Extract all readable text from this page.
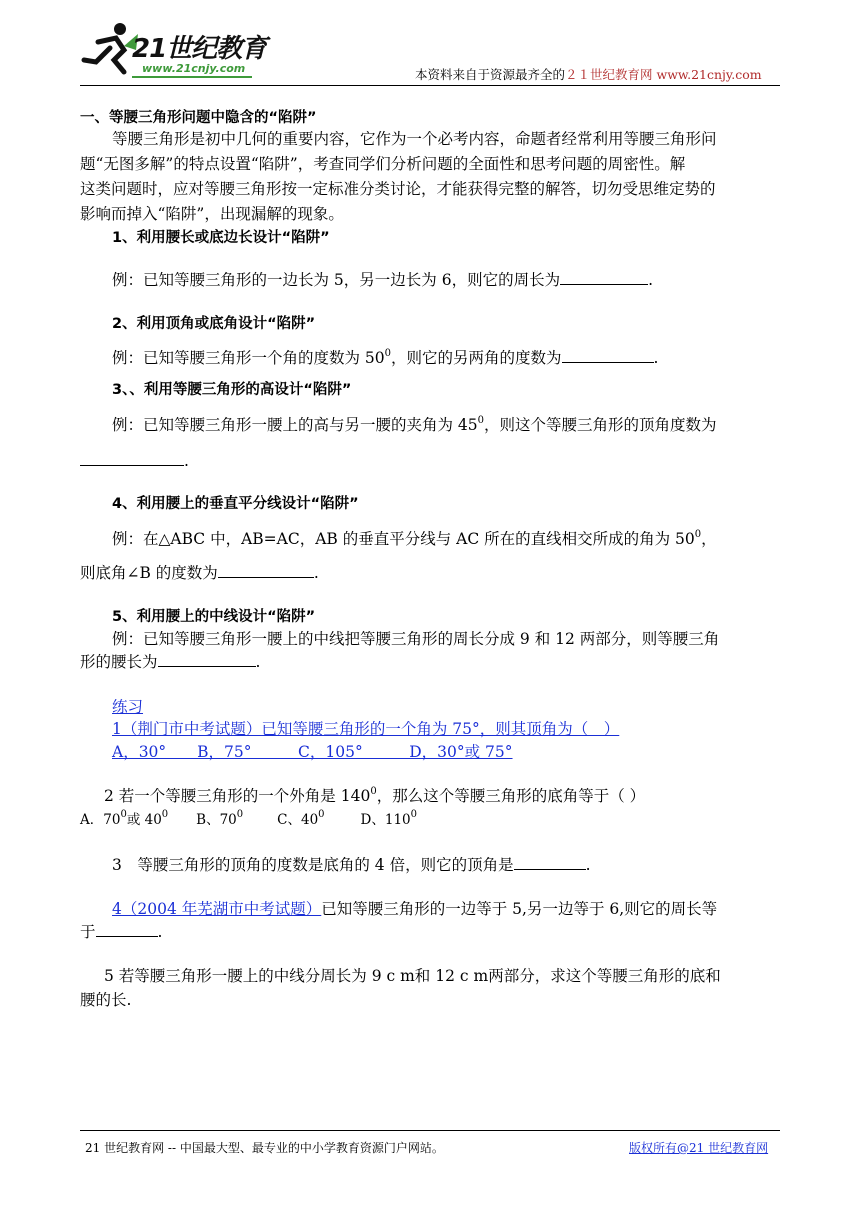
21世纪教育
www.21cnjy.com	本资料来自于资源最齐全的２１世纪教育网 www.21cnjy.com
一、等腰三角形问题中隐含的“陷阱”
等腰三角形是初中几何的重要内容，它作为一个必考内容，命题者经常利用等腰三角形问
题“无图多解”的特点设置“陷阱”，考查同学们分析问题的全面性和思考问题的周密性。解
这类问题时，应对等腰三角形按一定标准分类讨论，才能获得完整的解答，切勿受思维定势的
影响而掉入“陷阱”，出现漏解的现象。
1、利用腰长或底边长设计“陷阱”
例：已知等腰三角形的一边长为 5，另一边长为 6，则它的周长为	.
2、利用顶角或底角设计“陷阱”
例：已知等腰三角形一个角的度数为 $50^0$，则它的另两角的度数为	.
3、、利用等腰三角形的高设计“陷阱”
例：已知等腰三角形一腰上的高与另一腰的夹角为 $45^0$，则这个等腰三角形的顶角度数为
.
4、利用腰上的垂直平分线设计“陷阱”
例：在△ABC 中，AB=AC，AB 的垂直平分线与 AC 所在的直线相交所成的角为 $50^0$，
则底角∠B 的度数为	.
5、利用腰上的中线设计“陷阱”
例：已知等腰三角形一腰上的中线把等腰三角形的周长分成 9 和 12 两部分，则等腰三角
形的腰长为	.
练习
1（荆门市中考试题）已知等腰三角形的一个角为 75°，则其顶角为（　）
A，30°　　B，75°　　　C，105°　　　D，30°或 75°
2 若一个等腰三角形的一个外角是 $140^0$，那么这个等腰三角形的底角等于（ ）
A．$70^0$或 $40^0$ B、$70^0$	C、$40^0$	D、$110^0$
3　等腰三角形的顶角的度数是底角的 4 倍，则它的顶角是	.
4（2004 年芜湖市中考试题）已知等腰三角形的一边等于 5,另一边等于 6,则它的周长等
于	.
5 若等腰三角形一腰上的中线分周长为 9 c m和 12 c m两部分，求这个等腰三角形的底和
腰的长.
21 世纪教育网 -- 中国最大型、最专业的中小学教育资源门户网站。	版权所有@21 世纪教育网
